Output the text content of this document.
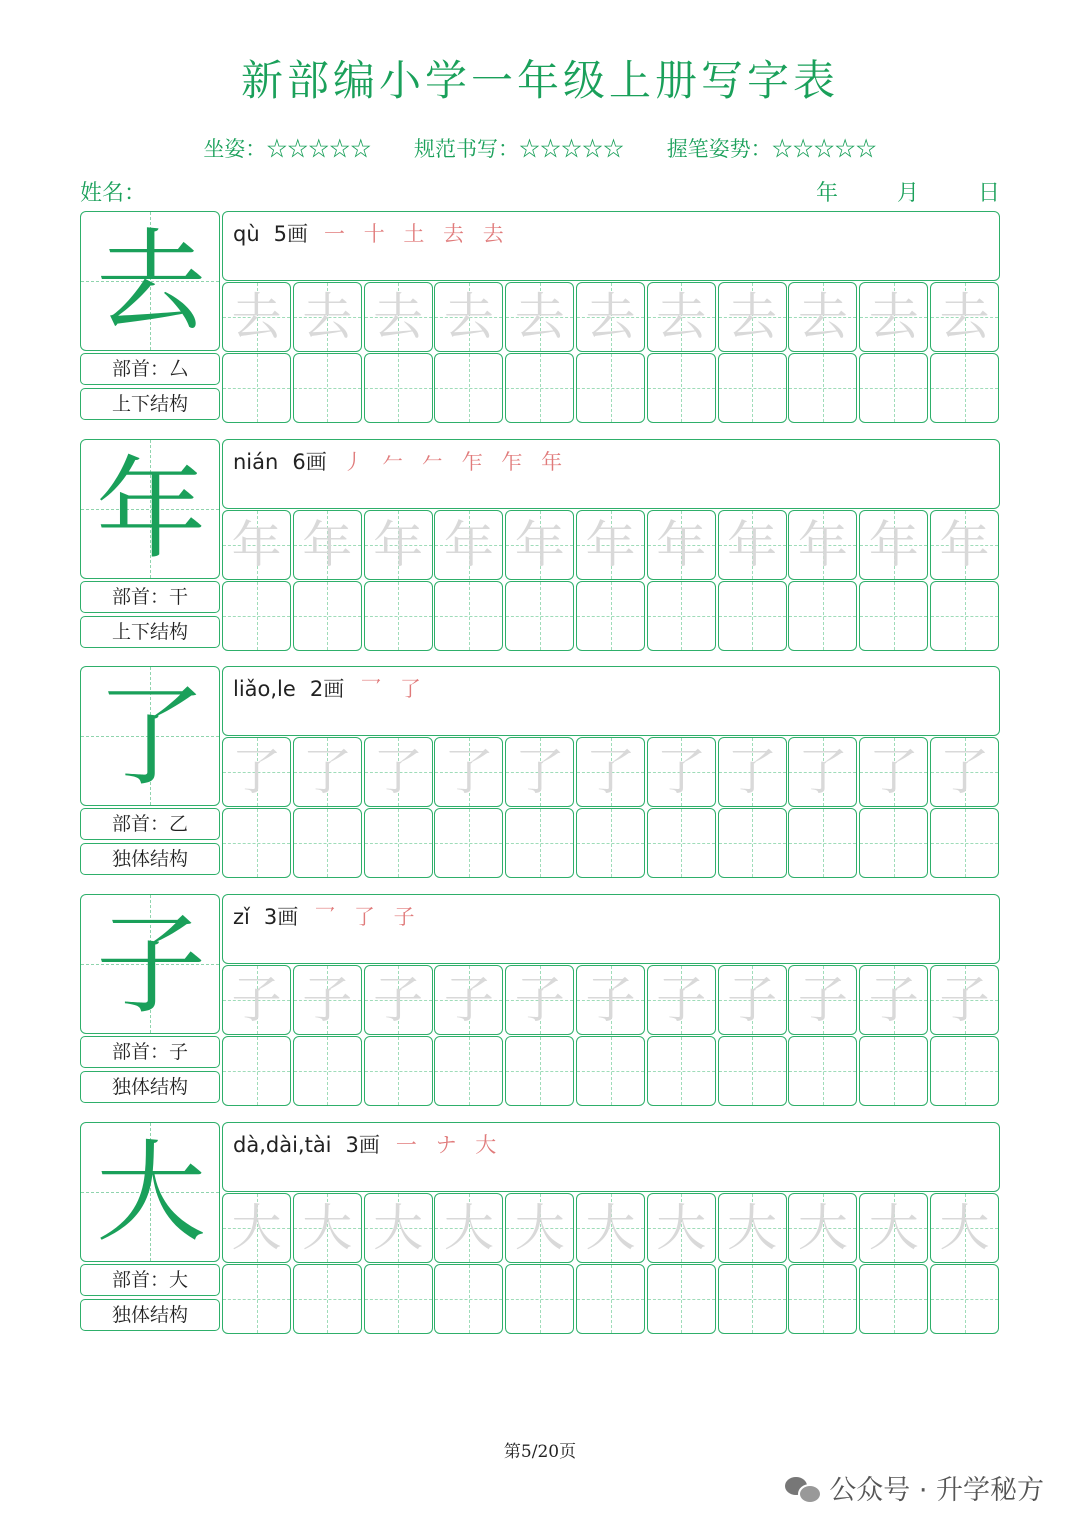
新部编小学一年级上册写字表
坐姿：☆☆☆☆☆ 规范书写：☆☆☆☆☆ 握笔姿势：☆☆☆☆☆
姓名：	年	月	日
去
部首：厶
上下结构
qù 5画 一 十 土 去 去
去 去 去 去 去 去 去 去 去 去 去
年
部首：干
上下结构
nián 6画 丿 𠂉 𠂉 乍 乍 年
年 年 年 年 年 年 年 年 年 年 年
了
部首：乙
独体结构
liǎo,le 2画 乛 了
了 了 了 了 了 了 了 了 了 了 了
子
部首：子
独体结构
zǐ 3画 乛 了 子
子 子 子 子 子 子 子 子 子 子 子
大
部首：大
独体结构
dà,dài,tài 3画 一 ナ 大
大 大 大 大 大 大 大 大 大 大 大
第5/20页
公众号 · 升学秘方
